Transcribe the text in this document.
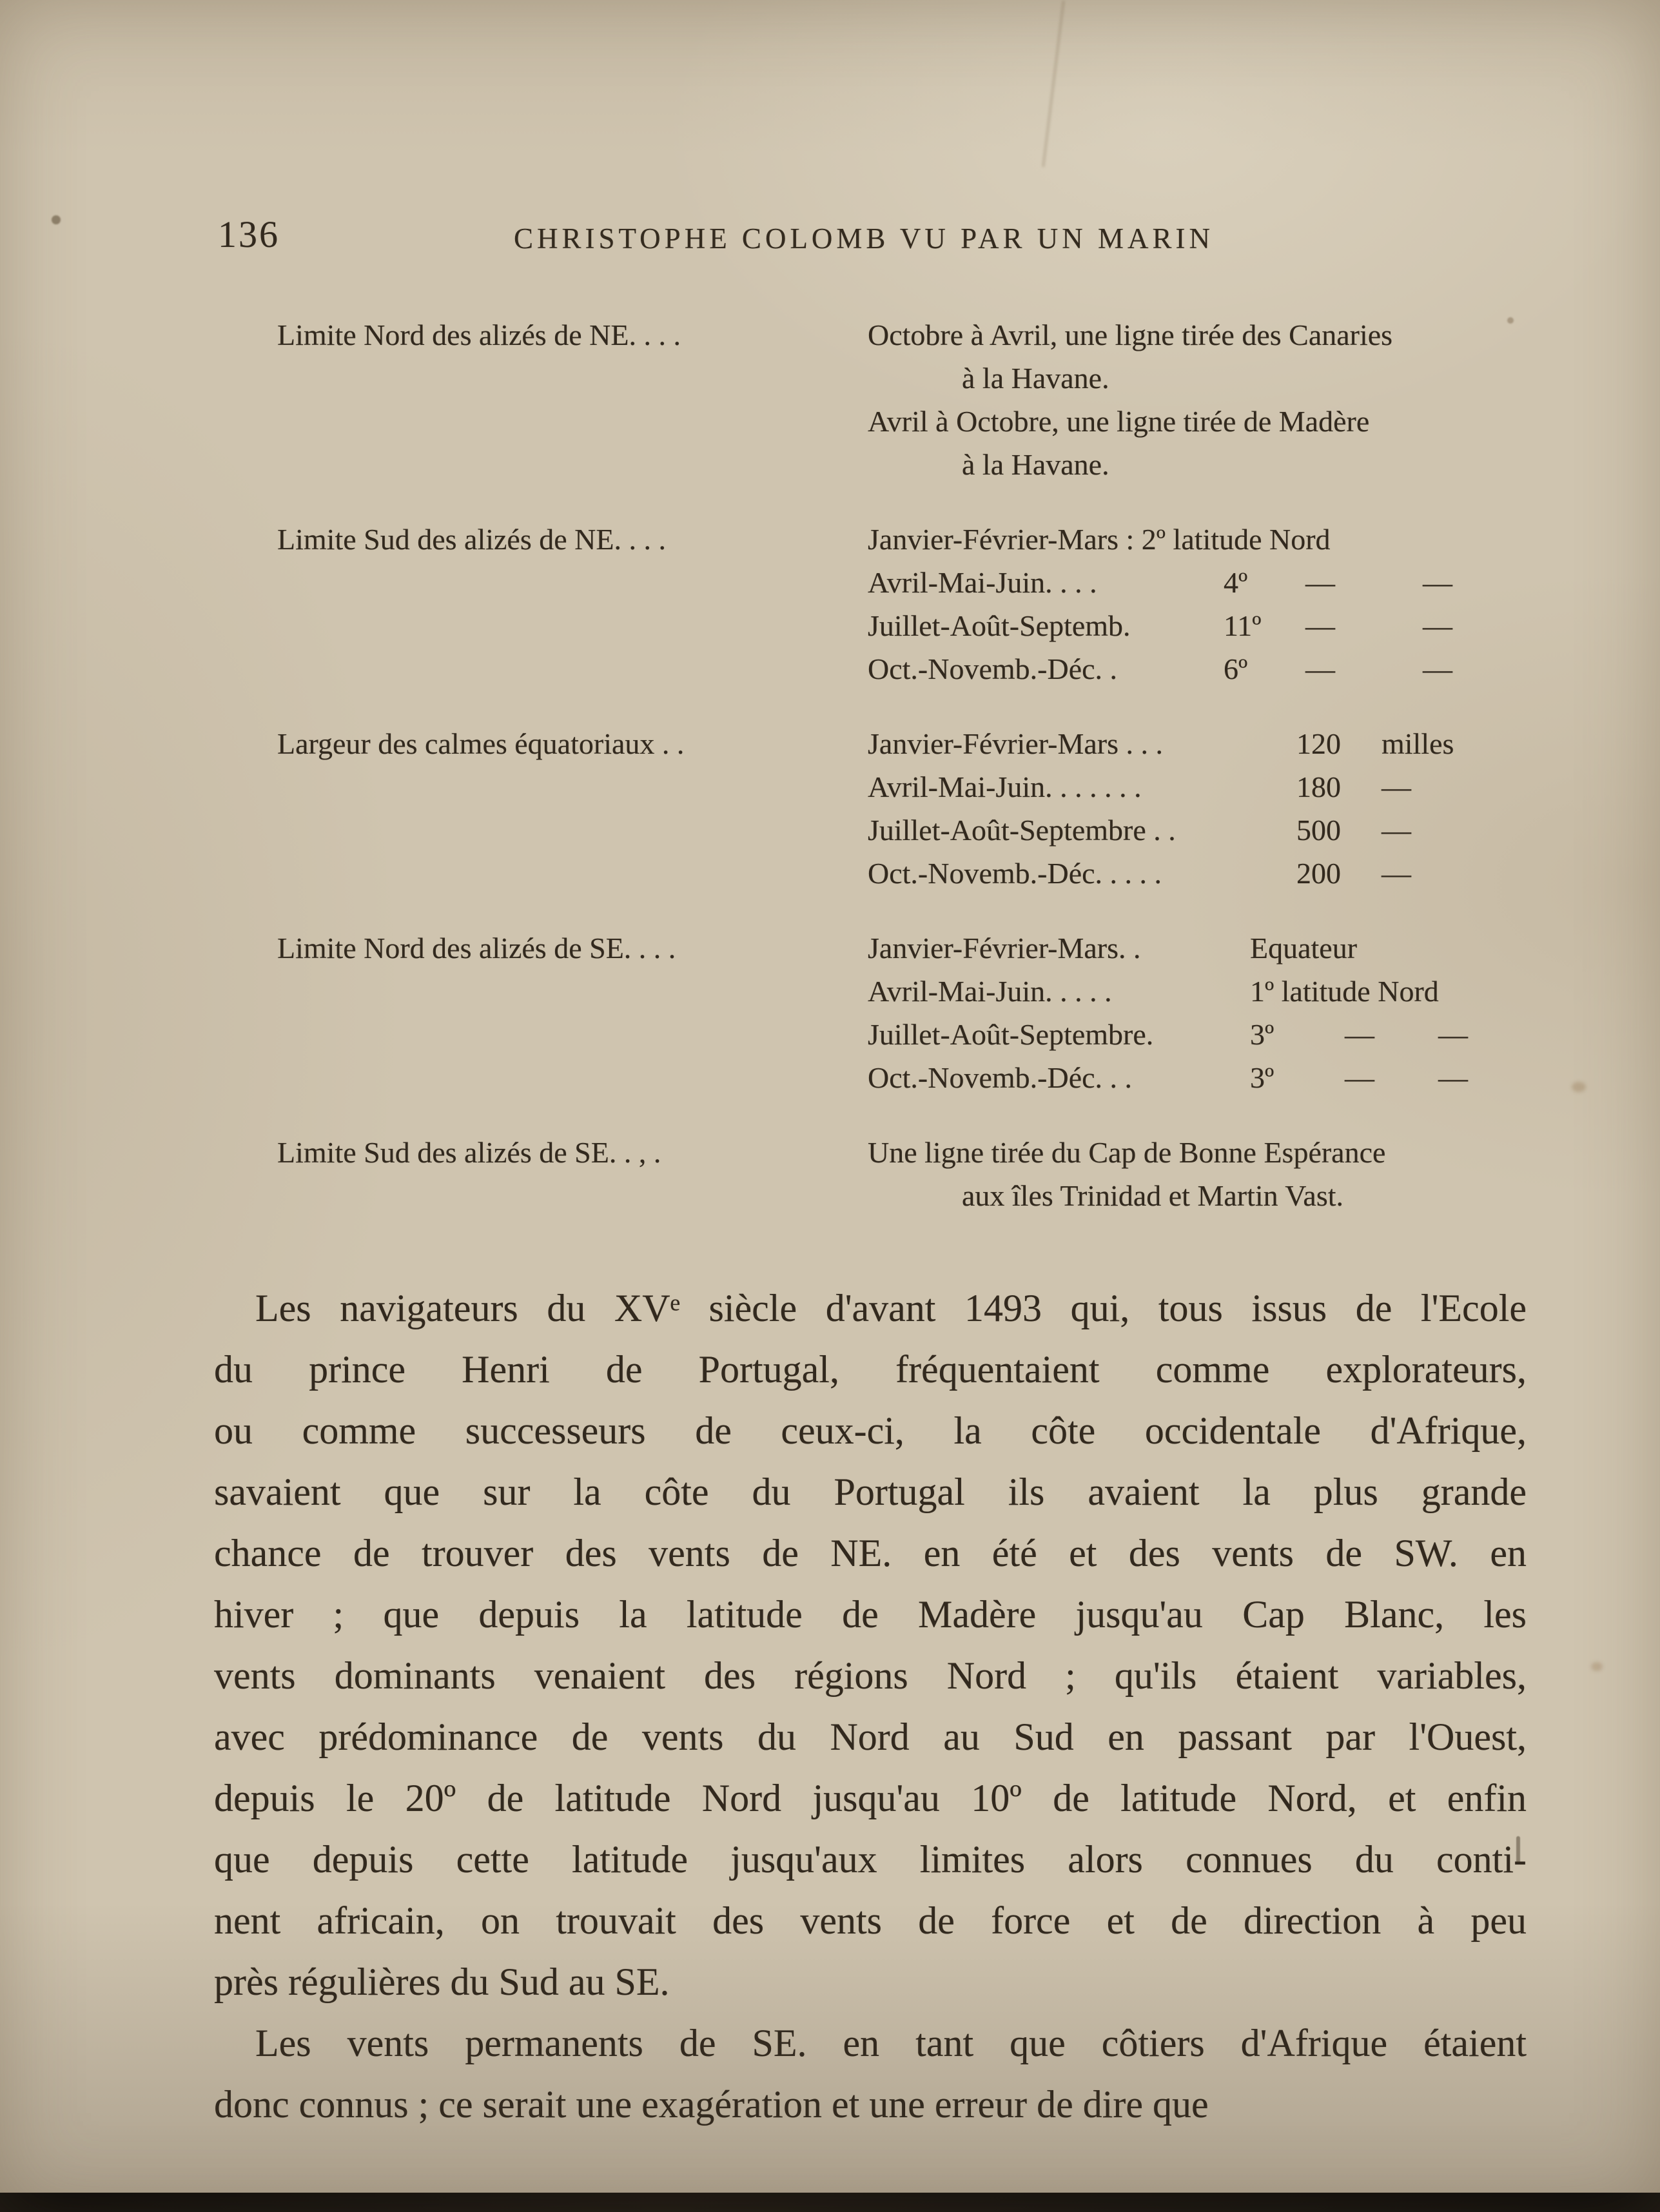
136	CHRISTOPHE COLOMB VU PAR UN MARIN
Limite Nord des alizés de NE. . . .	Octobre à Avril, une ligne tirée des Canaries
à la Havane.
Avril à Octobre, une ligne tirée de Madère
à la Havane.
Limite Sud des alizés de NE. . . .	Janvier-Février-Mars : 2º latitude Nord
Avril-Mai-Juin. . . .	4º —	—
Juillet-Août-Septemb.	11º —	—
Oct.-Novemb.-Déc. .	6º —	—
Largeur des calmes équatoriaux . .	Janvier-Février-Mars . . .	120 milles
Avril-Mai-Juin. . . . . . .	180 —
Juillet-Août-Septembre . .	500 —
Oct.-Novemb.-Déc. . . . .	200 —
Limite Nord des alizés de SE. . . .	Janvier-Février-Mars. .	Equateur
Avril-Mai-Juin. . . . .	1º latitude Nord
Juillet-Août-Septembre.	3º — —
Oct.-Novemb.-Déc. . .	3º — —
Limite Sud des alizés de SE. . , .	Une ligne tirée du Cap de Bonne Espérance
aux îles Trinidad et Martin Vast.

Les navigateurs du XVᵉ siècle d'avant 1493 qui, tous issus de l'Ecole
du prince Henri de Portugal, fréquentaient comme explorateurs,
ou comme successeurs de ceux-ci, la côte occidentale d'Afrique,
savaient que sur la côte du Portugal ils avaient la plus grande
chance de trouver des vents de NE. en été et des vents de SW. en
hiver ; que depuis la latitude de Madère jusqu'au Cap Blanc, les
vents dominants venaient des régions Nord ; qu'ils étaient variables,
avec prédominance de vents du Nord au Sud en passant par l'Ouest,
depuis le 20º de latitude Nord jusqu'au 10º de latitude Nord, et enfin
que depuis cette latitude jusqu'aux limites alors connues du conti-
nent africain, on trouvait des vents de force et de direction à peu
près régulières du Sud au SE.

Les vents permanents de SE. en tant que côtiers d'Afrique étaient
donc connus ; ce serait une exagération et une erreur de dire que
